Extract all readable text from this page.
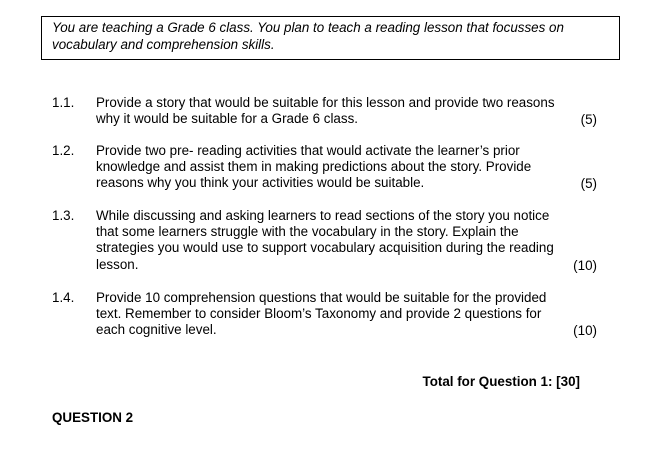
You are teaching a Grade 6 class. You plan to teach a reading lesson that focusses on
vocabulary and comprehension skills.

1.1. Provide a story that would be suitable for this lesson and provide two reasons
why it would be suitable for a Grade 6 class.	(5)
1.2. Provide two pre- reading activities that would activate the learner’s prior
knowledge and assist them in making predictions about the story. Provide
reasons why you think your activities would be suitable.	(5)
1.3. While discussing and asking learners to read sections of the story you notice
that some learners struggle with the vocabulary in the story. Explain the
strategies you would use to support vocabulary acquisition during the reading
lesson.	(10)
1.4. Provide 10 comprehension questions that would be suitable for the provided
text. Remember to consider Bloom’s Taxonomy and provide 2 questions for
each cognitive level.	(10)
Total for Question 1: [30]
QUESTION 2
